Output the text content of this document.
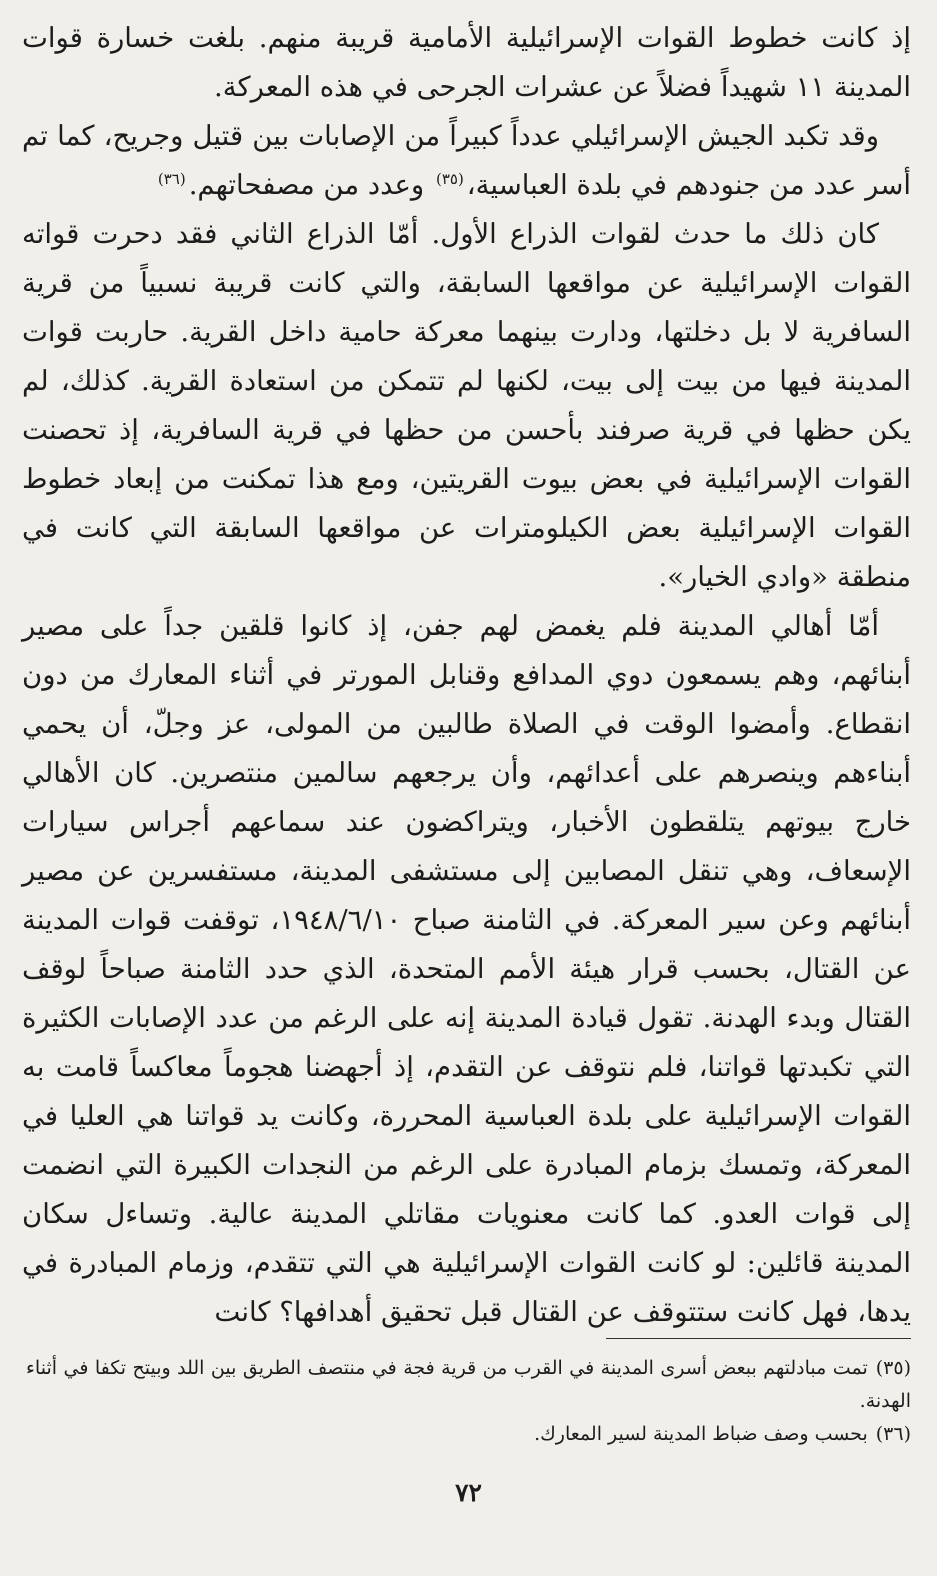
إذ كانت خطوط القوات الإسرائيلية الأمامية قريبة منهم. بلغت خسارة قوات المدينة ١١ شهيداً فضلاً عن عشرات الجرحى في هذه المعركة.

وقد تكبد الجيش الإسرائيلي عدداً كبيراً من الإصابات بين قتيل وجريح، كما تم أسر عدد من جنودهم في بلدة العباسية،$^{(٣٥)}$ وعدد من مصفحاتهم.$^{(٣٦)}$

كان ذلك ما حدث لقوات الذراع الأول. أمّا الذراع الثاني فقد دحرت قواته القوات الإسرائيلية عن مواقعها السابقة، والتي كانت قريبة نسبياً من قرية السافرية لا بل دخلتها، ودارت بينهما معركة حامية داخل القرية. حاربت قوات المدينة فيها من بيت إلى بيت، لكنها لم تتمكن من استعادة القرية. كذلك، لم يكن حظها في قرية صرفند بأحسن من حظها في قرية السافرية، إذ تحصنت القوات الإسرائيلية في بعض بيوت القريتين، ومع هذا تمكنت من إبعاد خطوط القوات الإسرائيلية بعض الكيلومترات عن مواقعها السابقة التي كانت في منطقة «وادي الخيار».

أمّا أهالي المدينة فلم يغمض لهم جفن، إذ كانوا قلقين جداً على مصير أبنائهم، وهم يسمعون دوي المدافع وقنابل المورتر في أثناء المعارك من دون انقطاع. وأمضوا الوقت في الصلاة طالبين من المولى، عز وجلّ، أن يحمي أبناءهم وينصرهم على أعدائهم، وأن يرجعهم سالمين منتصرين. كان الأهالي خارج بيوتهم يتلقطون الأخبار، ويتراكضون عند سماعهم أجراس سيارات الإسعاف، وهي تنقل المصابين إلى مستشفى المدينة، مستفسرين عن مصير أبنائهم وعن سير المعركة. في الثامنة صباح ١٩٤٨/٦/١٠، توقفت قوات المدينة عن القتال، بحسب قرار هيئة الأمم المتحدة، الذي حدد الثامنة صباحاً لوقف القتال وبدء الهدنة. تقول قيادة المدينة إنه على الرغم من عدد الإصابات الكثيرة التي تكبدتها قواتنا، فلم نتوقف عن التقدم، إذ أجهضنا هجوماً معاكساً قامت به القوات الإسرائيلية على بلدة العباسية المحررة، وكانت يد قواتنا هي العليا في المعركة، وتمسك بزمام المبادرة على الرغم من النجدات الكبيرة التي انضمت إلى قوات العدو. كما كانت معنويات مقاتلي المدينة عالية. وتساءل سكان المدينة قائلين: لو كانت القوات الإسرائيلية هي التي تتقدم، وزمام المبادرة في يدها، فهل كانت ستتوقف عن القتال قبل تحقيق أهدافها؟ كانت

(٣٥)تمت مبادلتهم ببعض أسرى المدينة في القرب من قرية فجة في منتصف الطريق بين اللد وبيتح تكفا في أثناء الهدنة.

(٣٦)بحسب وصف ضباط المدينة لسير المعارك.

٧٢
